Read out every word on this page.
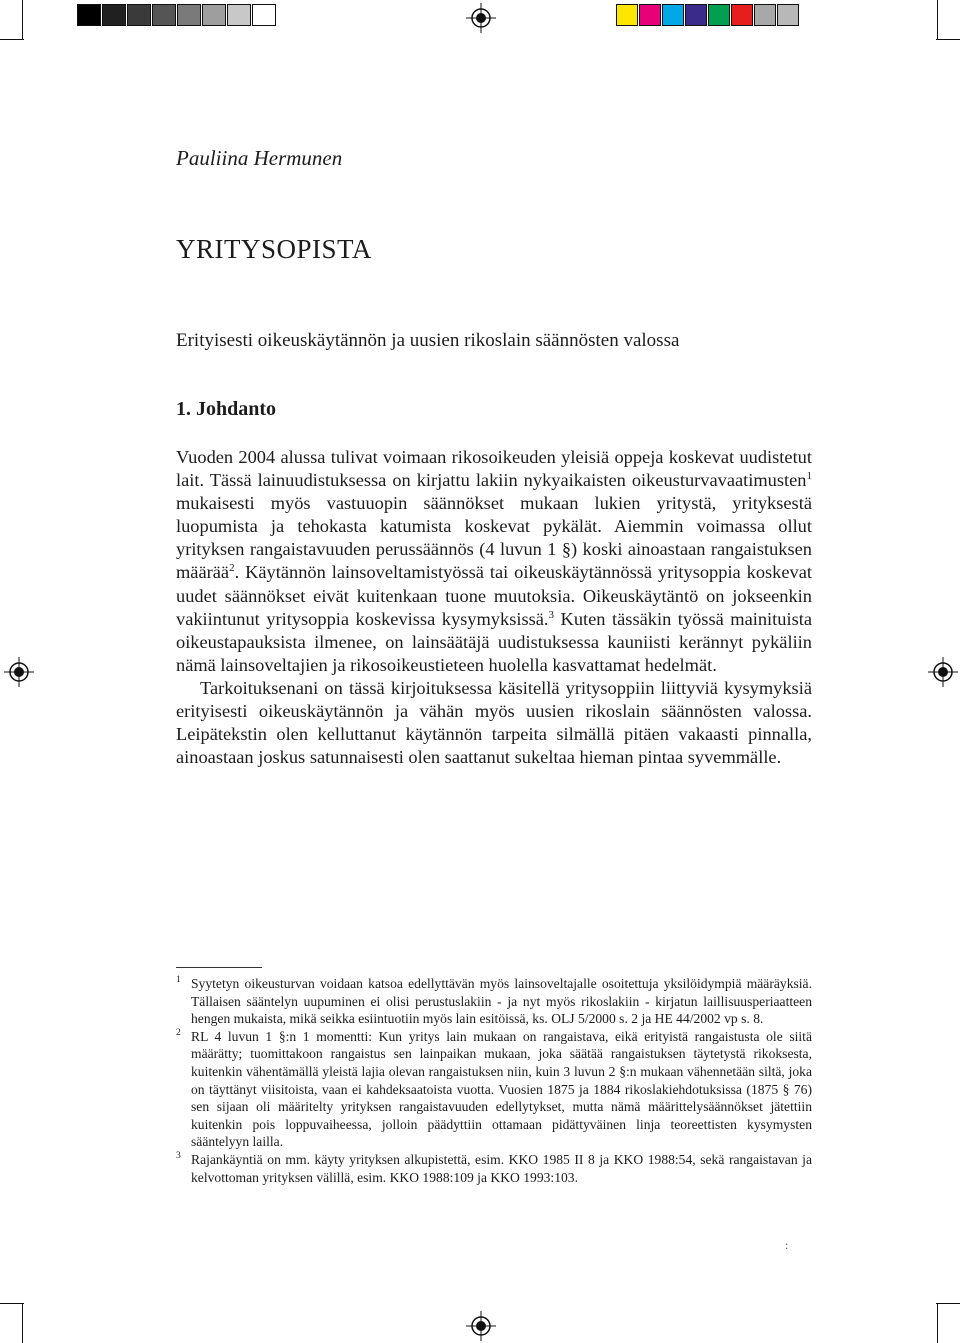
Pauliina Hermunen
YRITYSOPISTA
Erityisesti oikeuskäytännön ja uusien rikoslain säännösten valossa
1. Johdanto

Vuoden 2004 alussa tulivat voimaan rikosoikeuden yleisiä oppeja koskevat uudistetut lait. Tässä lainuudistuksessa on kirjattu lakiin nykyaikaisten oikeusturvavaatimusten$^1$ mukaisesti myös vastuuopin säännökset mukaan lukien yritystä, yrityksestä luopumista ja tehokasta katumista koskevat pykälät. Aiemmin voimassa ollut yrityksen rangaistavuuden perussäännös (4 luvun 1 §) koski ainoastaan rangaistuksen määrää$^2$. Käytännön lainsoveltamistyössä tai oikeuskäytännössä yritysoppia koskevat uudet säännökset eivät kuitenkaan tuone muutoksia. Oikeuskäytäntö on jokseenkin vakiintunut yritysoppia koskevissa kysymyksissä.$^3$ Kuten tässäkin työssä mainituista oikeustapauksista ilmenee, on lainsäätäjä uudistuksessa kauniisti kerännyt pykäliin nämä lainsoveltajien ja rikosoikeustieteen huolella kasvattamat hedelmät.

Tarkoituksenani on tässä kirjoituksessa käsitellä yritysoppiin liittyviä kysymyksiä erityisesti oikeuskäytännön ja vähän myös uusien rikoslain säännösten valossa. Leipätekstin olen kelluttanut käytännön tarpeita silmällä pitäen vakaasti pinnalla, ainoastaan joskus satunnaisesti olen saattanut sukeltaa hieman pintaa syvemmälle.

1 Syytetyn oikeusturvan voidaan katsoa edellyttävän myös lainsoveltajalle osoitettuja yksilöidympiä määräyksiä. Tällaisen sääntelyn uupuminen ei olisi perustuslakiin - ja nyt myös rikoslakiin - kirjatun laillisuusperiaatteen hengen mukaista, mikä seikka esiintuotiin myös lain esitöissä, ks. OLJ 5/2000 s. 2 ja HE 44/2002 vp s. 8.
2 RL 4 luvun 1 §:n 1 momentti: Kun yritys lain mukaan on rangaistava, eikä erityistä rangaistusta ole siitä määrätty; tuomittakoon rangaistus sen lainpaikan mukaan, joka säätää rangaistuksen täytetystä rikoksesta, kuitenkin vähentämällä yleistä lajia olevan rangaistuksen niin, kuin 3 luvun 2 §:n mukaan vähennetään siltä, joka on täyttänyt viisitoista, vaan ei kahdeksaatoista vuotta. Vuosien 1875 ja 1884 rikoslakiehdotuksissa (1875 § 76) sen sijaan oli määritelty yrityksen rangaistavuuden edellytykset, mutta nämä määrittelysäännökset jätettiin kuitenkin pois loppuvaiheessa, jolloin päädyttiin ottamaan pidättyväinen linja teoreettisten kysymysten sääntelyyn lailla.
3 Rajankäyntiä on mm. käyty yrityksen alkupistettä, esim. KKO 1985 II 8 ja KKO 1988:54, sekä rangaistavan ja kelvottoman yrityksen välillä, esim. KKO 1988:109 ja KKO 1993:103.
:
